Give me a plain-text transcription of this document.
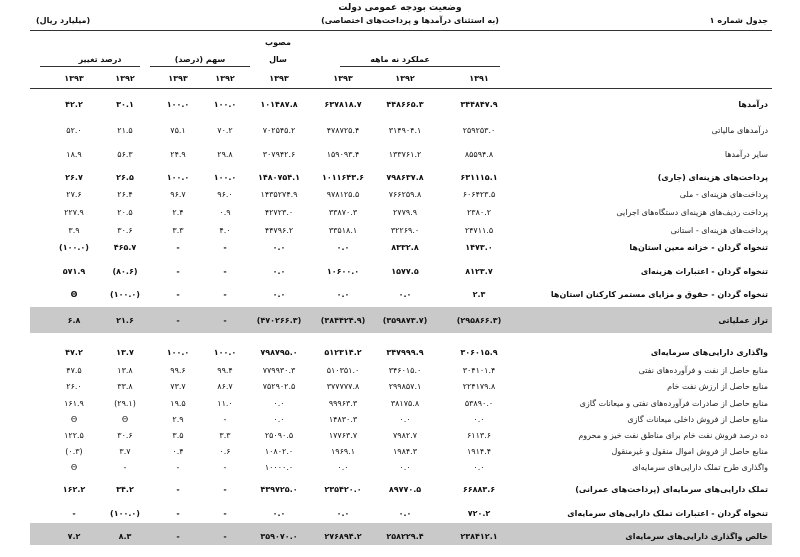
وضعیت بودجه عمومی دولت
(به استثنای درآمدها و پرداخت‌های اختصاصی)	جدول شماره ۱
(میلیارد ریال)
مصوب
سال	عملکرد نه ماهه
سهم (درصد)
درصد تغییر
۱۳۹۱
۱۳۹۲
۱۳۹۳
۱۳۹۳
۱۳۹۲
۱۳۹۳
۱۳۹۲
۱۳۹۳
درآمدها
۳۴۴۸۴۷.۹
۴۴۸۶۶۵.۳
۶۳۷۸۱۸.۷
۱۰۱۴۸۷.۸
۱۰۰.۰
۱۰۰.۰
۳۰.۱
۴۲.۲
درآمدهای مالیاتی
۲۵۹۲۵۳.۰
۳۱۴۹۰۴.۱
۴۷۸۷۲۵.۴
۷۰۲۵۴۵.۲
۷۰.۲
۷۵.۱
۲۱.۵
۵۲.۰
سایر درآمدها
۸۵۵۹۴.۸
۱۳۳۷۶۱.۲
۱۵۹۰۹۳.۴
۳۰۷۹۴۲.۶
۲۹.۸
۲۴.۹
۵۶.۳
۱۸.۹
پرداخت‌های هزینه‌ای (جاری)
۶۳۱۱۱۵.۱
۷۹۸۶۳۷.۸
۱۰۱۱۶۴۳.۶
۱۴۸۰۷۵۴.۱
۱۰۰.۰
۱۰۰.۰
۲۶.۵
۲۶.۷
پرداخت‌های هزینه‌ای - ملی
۶۰۶۴۲۳.۵
۷۶۶۲۵۹.۸
۹۷۸۱۲۵.۵
۱۴۳۵۲۷۴.۹
۹۶.۰
۹۶.۷
۲۶.۴
۲۷.۶
پرداخت ردیف‌های هزینه‌ای دستگاه‌های اجرایی
۲۳۸۰.۲
۲۷۷۹.۹
۳۳۸۷۰.۳
۴۲۷۲۳.۰
۰.۹
۲.۴
۲۰.۵
۲۲۷.۹
پرداخت‌های هزینه‌ای - استانی
۲۴۷۱۱.۵
۳۲۲۶۹.۰
۳۳۵۱۸.۱
۴۴۷۹۶.۲
۴.۰
۳.۳
۳۰.۶
۳.۹
تنخواه گردان - خزانه معین استان‌ها
۱۴۷۳.۰
۸۳۳۲.۸
۰.۰
۰.۰
-
-
۴۶۵.۷
(۱۰۰.۰)
تنخواه گردان - اعتبارات هزینه‌ای
۸۱۲۳.۷
۱۵۷۷.۵
۱۰۶۰۰.۰
۰.۰
-
-
(۸۰.۶)
۵۷۱.۹
تنخواه گردان - حقوق و مزایای مستمر کارکنان استان‌ها
۲.۳
۰.۰
۰.۰
۰.۰
-
-
(۱۰۰.۰)
Θ
تراز عملیاتی
(۲۹۵۸۶۶.۳)
(۳۵۹۸۷۳.۷)
(۳۸۴۴۲۴.۹)
(۴۷۰۲۶۶.۳)
-
-
۲۱.۶
۶.۸
واگذاری دارایی‌های سرمایه‌ای
۳۰۶۰۱۵.۹
۳۴۷۹۹۹.۹
۵۱۲۳۱۴.۲
۷۹۸۷۹۵.۰
۱۰۰.۰
۱۰۰.۰
۱۳.۷
۴۷.۲
منابع حاصل از نفت و فرآورده‌های نفتی
۳۰۴۱۰۱.۴
۳۴۶۰۱۵.۰
۵۱۰۳۵۱.۰
۷۷۹۹۳۰.۳
۹۹.۴
۹۹.۶
۱۳.۸
۴۷.۵
منابع حاصل از ارزش نفت خام
۲۲۴۱۷۹.۸
۲۹۹۸۵۷.۱
۳۷۷۷۷۷.۸
۷۵۲۹۰۲.۵
۸۶.۷
۷۳.۷
۳۳.۸
۲۶.۰
منابع حاصل از صادرات فرآورده‌های نفتی و میعانات گازی
۵۳۸۹۰.۰
۳۸۱۷۵.۸
۹۹۹۶۳.۳
۰.۰
۱۱.۰
۱۹.۵
(۲۹.۱)
۱۶۱.۹
منابع حاصل از فروش داخلی میعانات گازی
۰.۰
۰.۰
۱۴۸۳۰.۳
۰.۰
-
۲.۹
Θ
Θ
ده درصد فروش نفت خام برای مناطق نفت خیز و محروم
۶۱۱۳.۶
۷۹۸۲.۷
۱۷۷۶۳.۷
۲۵۰۹۰.۵
۳.۳
۳.۵
۳۰.۶
۱۲۲.۵
منابع حاصل از فروش اموال منقول و غیرمنقول
۱۹۱۴.۴
۱۹۸۴.۳
۱۹۶۹.۱
۱۰۸۰۲.۰
۰.۶
۰.۴
۳.۷
(۰.۳)
واگذاری طرح تملک دارایی‌های سرمایه‌ای
۰.۰
۰.۰
۰.۰
۱۰۰۰۰.۰
-
-
-
Θ
تملک دارایی‌های سرمایه‌ای (پرداخت‌های عمرانی)
۶۶۸۸۳.۶
۸۹۷۷۰.۵
۲۳۵۴۲۰.۰
۴۳۹۷۲۵.۰
-
-
۳۴.۲
۱۶۲.۲
تنخواه گردان - اعتبارات تملک دارایی‌های سرمایه‌ای
۷۲۰.۲
۰.۰
۰.۰
۰.۰
-
-
(۱۰۰.۰)
-
خالص واگذاری دارایی‌های سرمایه‌ای
۲۳۸۴۱۲.۱
۲۵۸۲۲۹.۴
۲۷۶۸۹۴.۲
۳۵۹۰۷۰.۰
-
-
۸.۳
۷.۲
